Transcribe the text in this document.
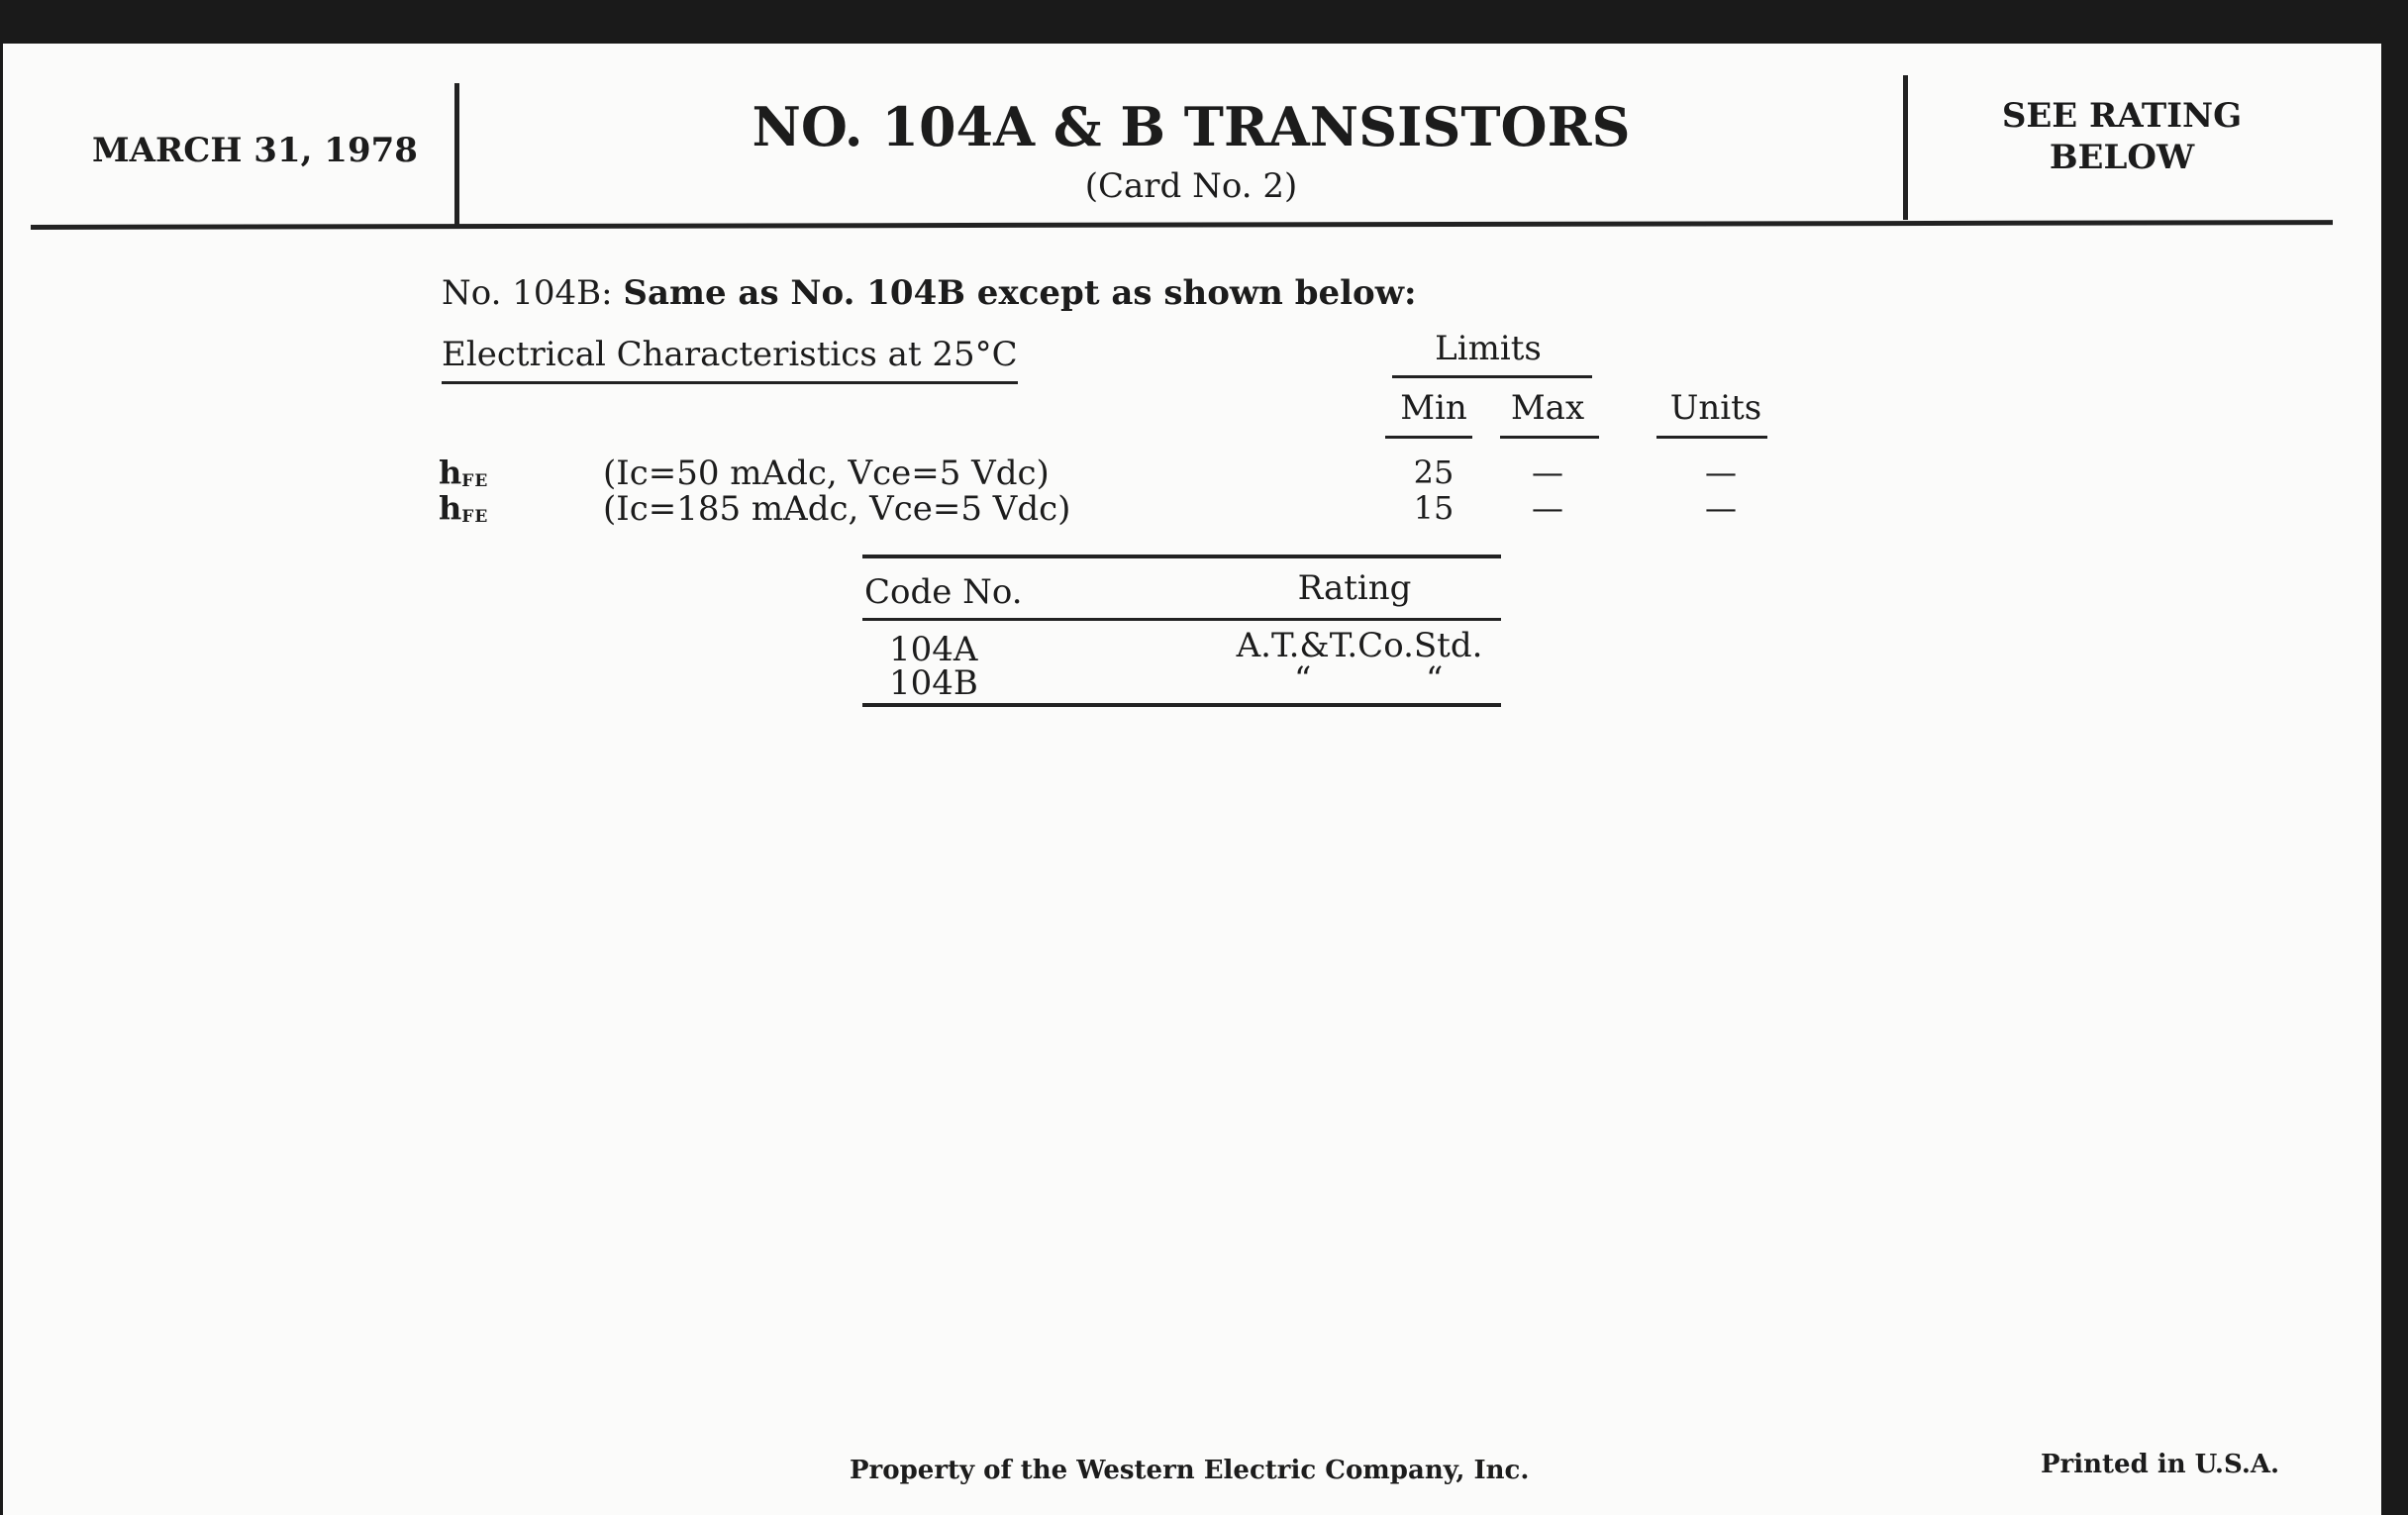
MARCH 31, 1978	NO. 104A & B TRANSISTORS
(Card No. 2)
SEE RATING
BELOW
No. 104B: Same as No. 104B except as shown below:
Electrical Characteristics at 25°C	Limits
Min	Max	Units
hFE	(Ic=50 mAdc, Vce=5 Vdc)	25	—	—
hFE	(Ic=185 mAdc, Vce=5 Vdc)	15	—	—
Code No.	Rating
104A	A.T.&T.Co.Std.
104B	“	“
Property of the Western Electric Company, Inc.	Printed in U.S.A.
